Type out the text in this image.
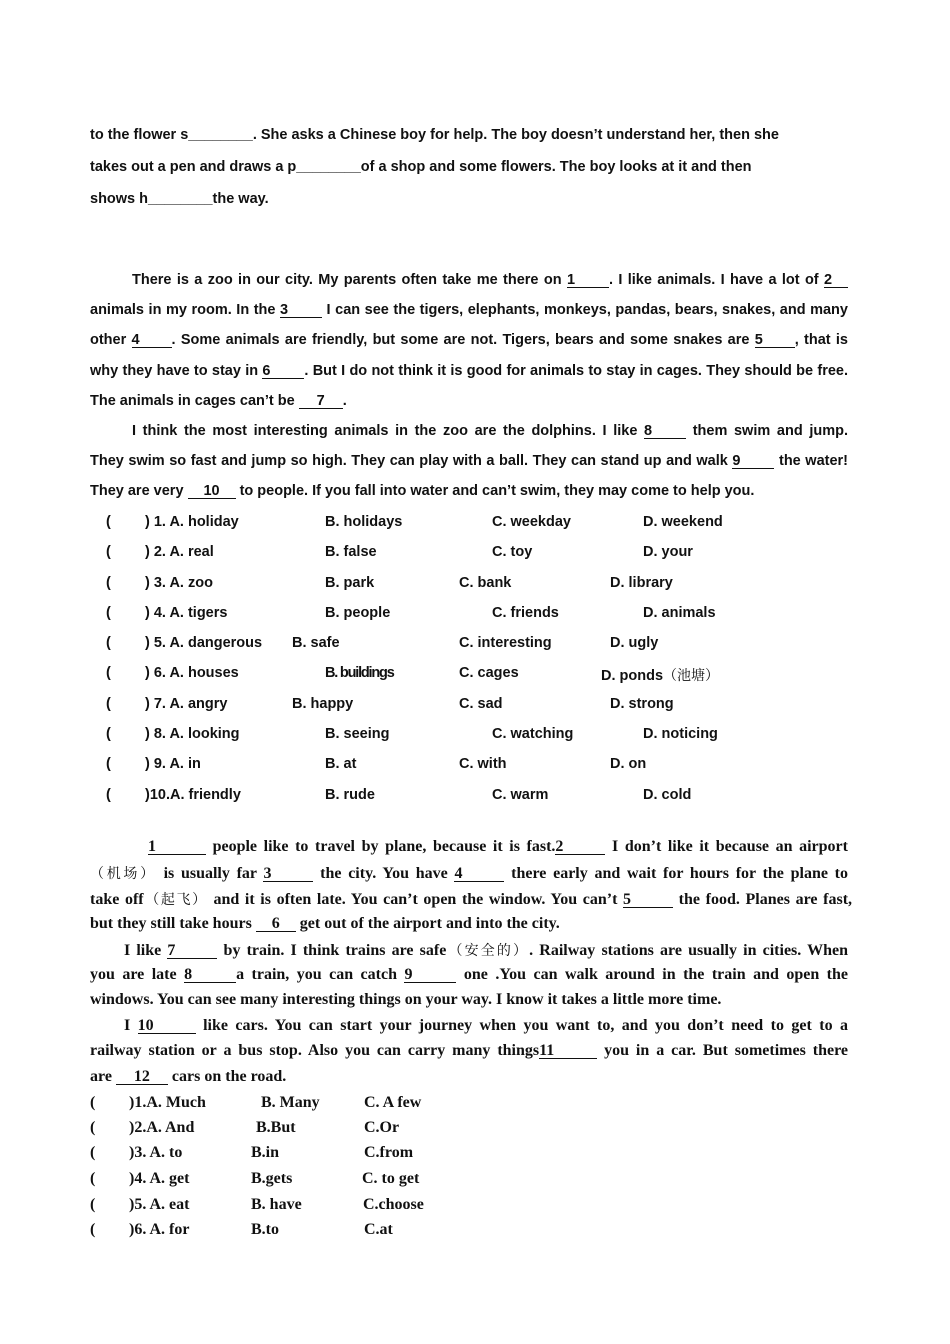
to the flower s________. She asks a Chinese boy for help. The boy doesn’t understand her, then she
takes out a pen and draws a p________of a shop and some flowers. The boy looks at it and then
shows h________the way.
There is a zoo in our city. My parents often take me there on 1 . I like animals. I have a lot of 2
animals in my room. In the 3 I can see the tigers, elephants, monkeys, pandas, bears, snakes, and many
other 4 . Some animals are friendly, but some are not. Tigers, bears and some snakes are 5 , that is
why they have to stay in 6 . But I do not think it is good for animals to stay in cages. They should be free.
The animals in cages can’t be 7 .
I think the most interesting animals in the zoo are the dolphins. I like 8 them swim and jump.
They swim so fast and jump so high. They can play with a ball. They can stand up and walk 9 the water!
They are very 10 to people. If you fall into water and can’t swim, they may come to help you.
( ) 1. A. holiday	B. holidays	C. weekday	D. weekend
( ) 2. A. real	B. false	C. toy	D. your
( ) 3. A. zoo	B. park	C. bank	D. library
( ) 4. A. tigers	B. people	C. friends	D. animals
( ) 5. A. dangerous B. safe	C. interesting	D. ugly
( ) 6. A. houses	B. buildings	C. cages	D. ponds（池塘）
( ) 7. A. angry	B. happy	C. sad	D. strong
( ) 8. A. looking	B. seeing	C. watching	D. noticing
( ) 9. A. in	B. at	C. with	D. on
( )10.A. friendly	B. rude	C. warm	D. cold
1	people like to travel by plane, because it is fast.2	I don’t like it because an airport
（机场） is usually far 3	the city. You have 4	there early and wait for hours for the plane to
take off（起飞） and it is often late. You can’t open the window. You can’t 5	the food. Planes are fast,
but they still take hours 6 get out of the airport and into the city.
I like 7	by train. I think trains are safe（安全的）. Railway stations are usually in cities. When
you are late 8	a train, you can catch 9	one .You can walk around in the train and open the
windows. You can see many interesting things on your way. I know it takes a little more time.
I 10	like cars. You can start your journey when you want to, and you don’t need to get to a
railway station or a bus stop. Also you can carry many things11	you in a car. But sometimes there
are 12 cars on the road.
( )1.A. Much	B. Many	C. A few
( )2.A. And	B.But	C.Or
( )3. A. to	B.in	C.from
( )4. A. get	B.gets	C. to get
( )5. A. eat	B. have	C.choose
( )6. A. for	B.to	C.at
